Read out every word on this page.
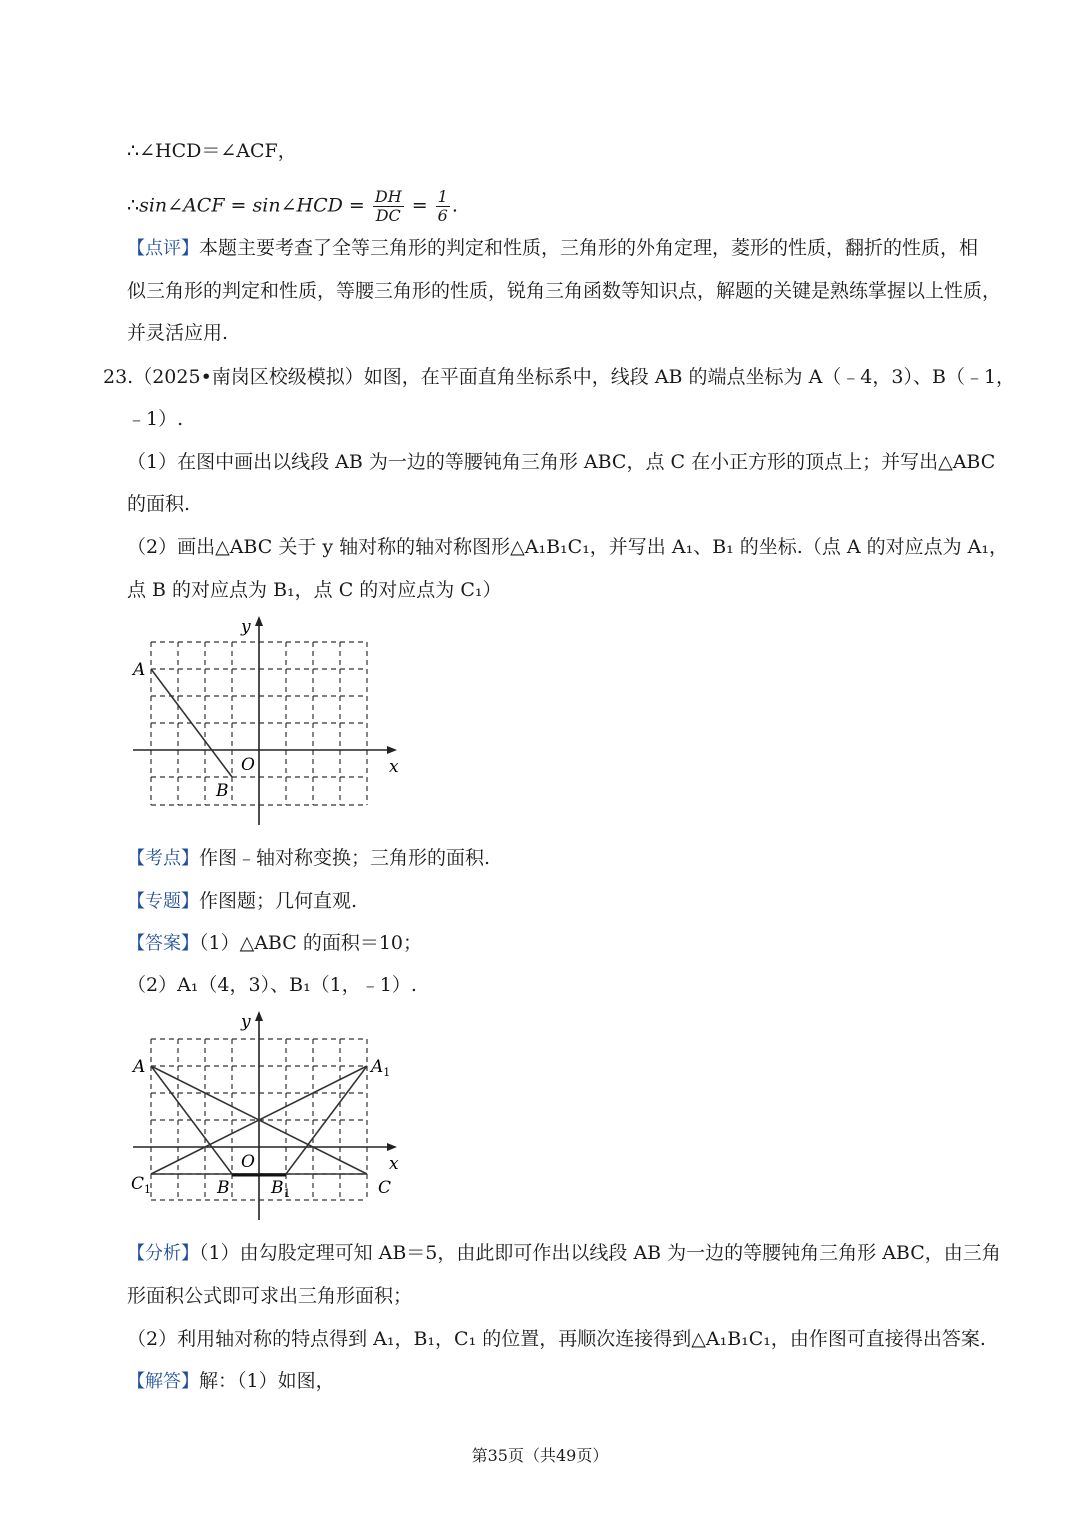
∴∠HCD＝∠ACF，
∴sin∠ACF = sin∠HCD = $\frac{DH}{DC} = \frac{1}{6}$ .
【点评】本题主要考查了全等三角形的判定和性质，三角形的外角定理，菱形的性质，翻折的性质，相
似三角形的判定和性质，等腰三角形的性质，锐角三角函数等知识点，解题的关键是熟练掌握以上性质，
并灵活应用.
23.（2025•南岗区校级模拟）如图，在平面直角坐标系中，线段 AB 的端点坐标为 A（﹣4，3）、B（﹣1，
﹣1）.
（1）在图中画出以线段 AB 为一边的等腰钝角三角形 ABC，点 C 在小正方形的顶点上；并写出△ABC
的面积.
（2）画出△ABC 关于 y 轴对称的轴对称图形△A₁B₁C₁，并写出 A₁、B₁ 的坐标.（点 A 的对应点为 A₁，
点 B 的对应点为 B₁，点 C 的对应点为 C₁）
y
x
O
A
B
【考点】作图﹣轴对称变换；三角形的面积.
【专题】作图题；几何直观.
【答案】（1）△ABC 的面积＝10；
（2）A₁（4，3）、B₁（1，﹣1）.
y
x
O
A	$A_1$
B $B_1$	C
$C_1$
【分析】（1）由勾股定理可知 AB＝5，由此即可作出以线段 AB 为一边的等腰钝角三角形 ABC，由三角
形面积公式即可求出三角形面积；
（2）利用轴对称的特点得到 A₁，B₁，C₁ 的位置，再顺次连接得到△A₁B₁C₁，由作图可直接得出答案.
【解答】解：（1）如图，
第35页（共49页）
